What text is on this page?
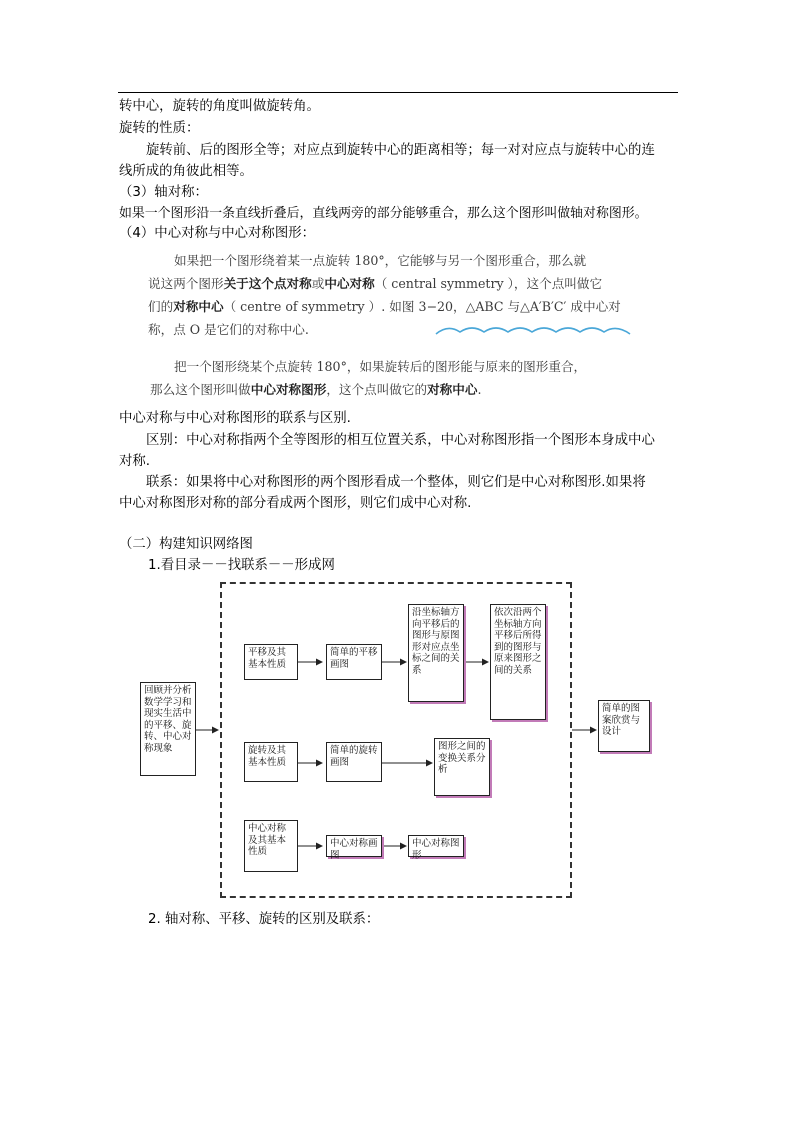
转中心，旋转的角度叫做旋转角。
旋转的性质：
旋转前、后的图形全等；对应点到旋转中心的距离相等；每一对对应点与旋转中心的连
线所成的角彼此相等。
（3）轴对称：
如果一个图形沿一条直线折叠后，直线两旁的部分能够重合，那么这个图形叫做轴对称图形。
（4）中心对称与中心对称图形：
如果把一个图形绕着某一点旋转 180°，它能够与另一个图形重合，那么就
说这两个图形关于这个点对称或中心对称（ central symmetry ），这个点叫做它
们的对称中心（ centre of symmetry ）. 如图 3−20，△ABC 与△A′B′C′ 成中心对
称，点 O 是它们的对称中心.
把一个图形绕某个点旋转 180°，如果旋转后的图形能与原来的图形重合，
那么这个图形叫做中心对称图形，这个点叫做它的对称中心.
中心对称与中心对称图形的联系与区别.
区别：中心对称指两个全等图形的相互位置关系，中心对称图形指一个图形本身成中心
对称.
联系：如果将中心对称图形的两个图形看成一个整体，则它们是中心对称图形.如果将
中心对称图形对称的部分看成两个图形，则它们成中心对称.
（二）构建知识网络图
1.看目录－－找联系－－形成网
回顾并分析数学学习和现实生活中的平移、旋转、中心对称现象
平移及其基本性质
简单的平移画图
沿坐标轴方向平移后的图形与原图形对应点坐标之间的关系
依次沿两个坐标轴方向平移后所得到的图形与原来图形之间的关系
旋转及其基本性质
简单的旋转画图
图形之间的变换关系分析
中心对称及其基本性质
中心对称画图
中心对称图形
简单的图案欣赏与设计
2. 轴对称、平移、旋转的区别及联系：
